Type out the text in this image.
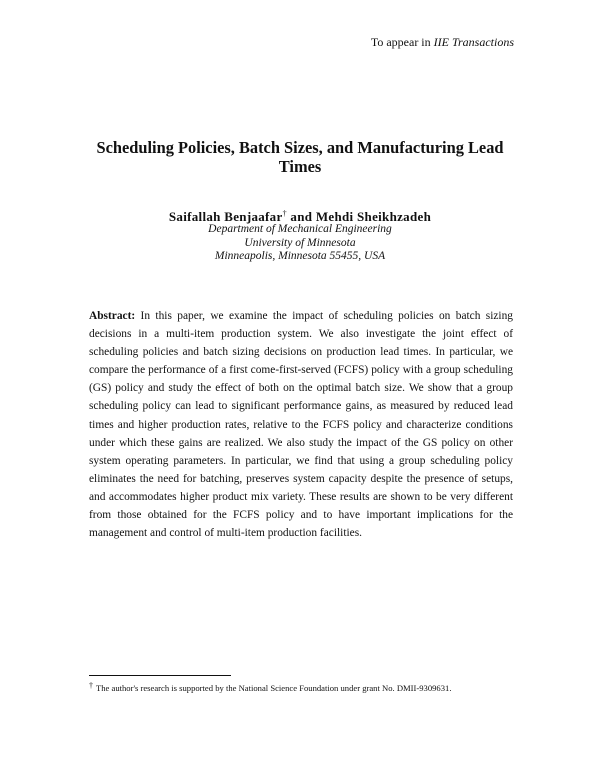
To appear in IIE Transactions
Scheduling Policies, Batch Sizes, and Manufacturing Lead Times
Saifallah Benjaafar† and Mehdi Sheikhzadeh
Department of Mechanical Engineering
University of Minnesota
Minneapolis, Minnesota 55455, USA

Abstract: In this paper, we examine the impact of scheduling policies on batch sizing decisions in a multi-item production system. We also investigate the joint effect of scheduling policies and batch sizing decisions on production lead times. In particular, we compare the performance of a first come-first-served (FCFS) policy with a group scheduling (GS) policy and study the effect of both on the optimal batch size. We show that a group scheduling policy can lead to significant performance gains, as measured by reduced lead times and higher production rates, relative to the FCFS policy and characterize conditions under which these gains are realized. We also study the impact of the GS policy on other system operating parameters. In particular, we find that using a group scheduling policy eliminates the need for batching, preserves system capacity despite the presence of setups, and accommodates higher product mix variety. These results are shown to be very different from those obtained for the FCFS policy and to have important implications for the management and control of multi-item production facilities.

† The author's research is supported by the National Science Foundation under grant No. DMII-9309631.
